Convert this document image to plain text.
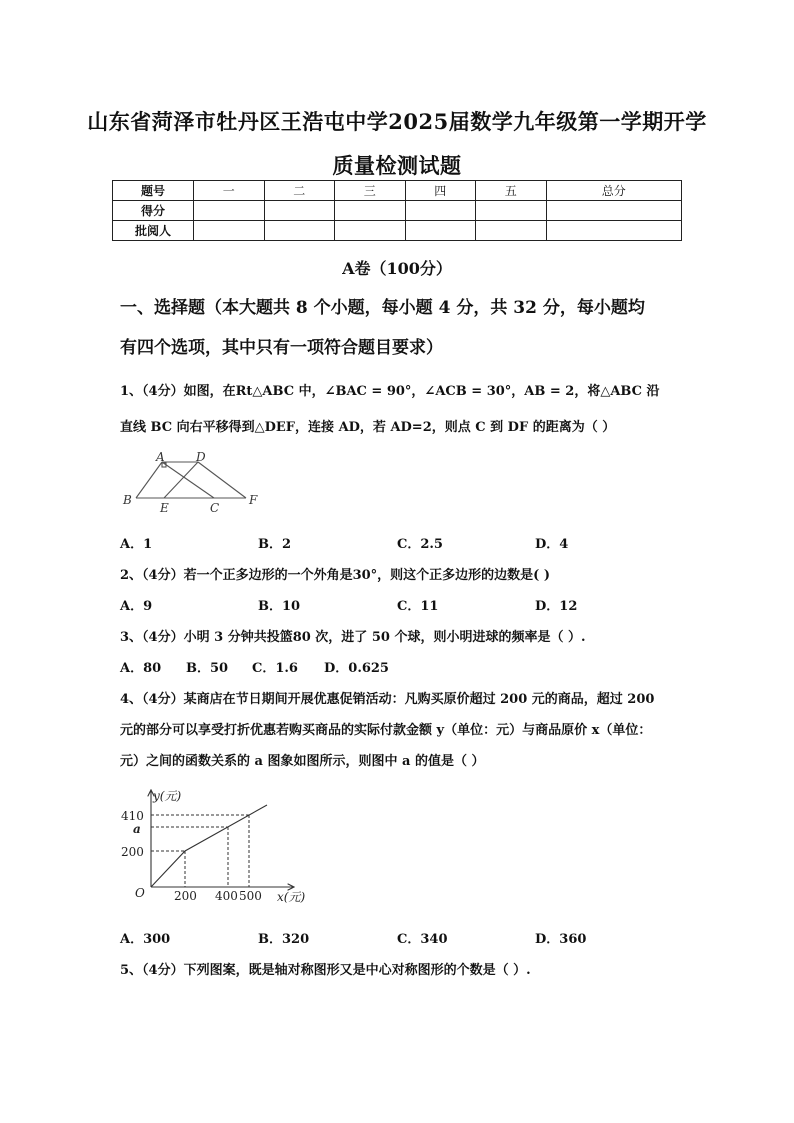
山东省菏泽市牡丹区王浩屯中学2025届数学九年级第一学期开学
质量检测试题
题号	一	二	三	四	五	总分
得分						
批阅人						
A卷（100分）
一、选择题（本大题共 8 个小题，每小题 4 分，共 32 分，每小题均
有四个选项，其中只有一项符合题目要求）
1、（4分）如图，在Rt△ABC 中，∠BAC = 90°，∠ACB = 30°，AB = 2，将△ABC 沿
直线 BC 向右平移得到△DEF，连接 AD，若 AD=2，则点 C 到 DF 的距离为（ ）
A	D
B
E	C
F
A．1	B．2	C．2.5	D．4
2、（4分）若一个正多边形的一个外角是30°，则这个正多边形的边数是( )
A．9	B．10	C．11	D．12
3、（4分）小明 3 分钟共投篮80 次，进了 50 个球，则小明进球的频率是（ ）.
A．80 B．50 C．1.6 D．0.625
4、（4分）某商店在节日期间开展优惠促销活动：凡购买原价超过 200 元的商品，超过 200
元的部分可以享受打折优惠若购买商品的实际付款金额 y（单位：元）与商品原价 x（单位：
元）之间的函数关系的 a 图象如图所示，则图中 a 的值是（ ）
y(元)
x(元)
O
410
a
200
200 400 500
A．300	B．320	C．340	D．360
5、（4分）下列图案，既是轴对称图形又是中心对称图形的个数是（ ）.
